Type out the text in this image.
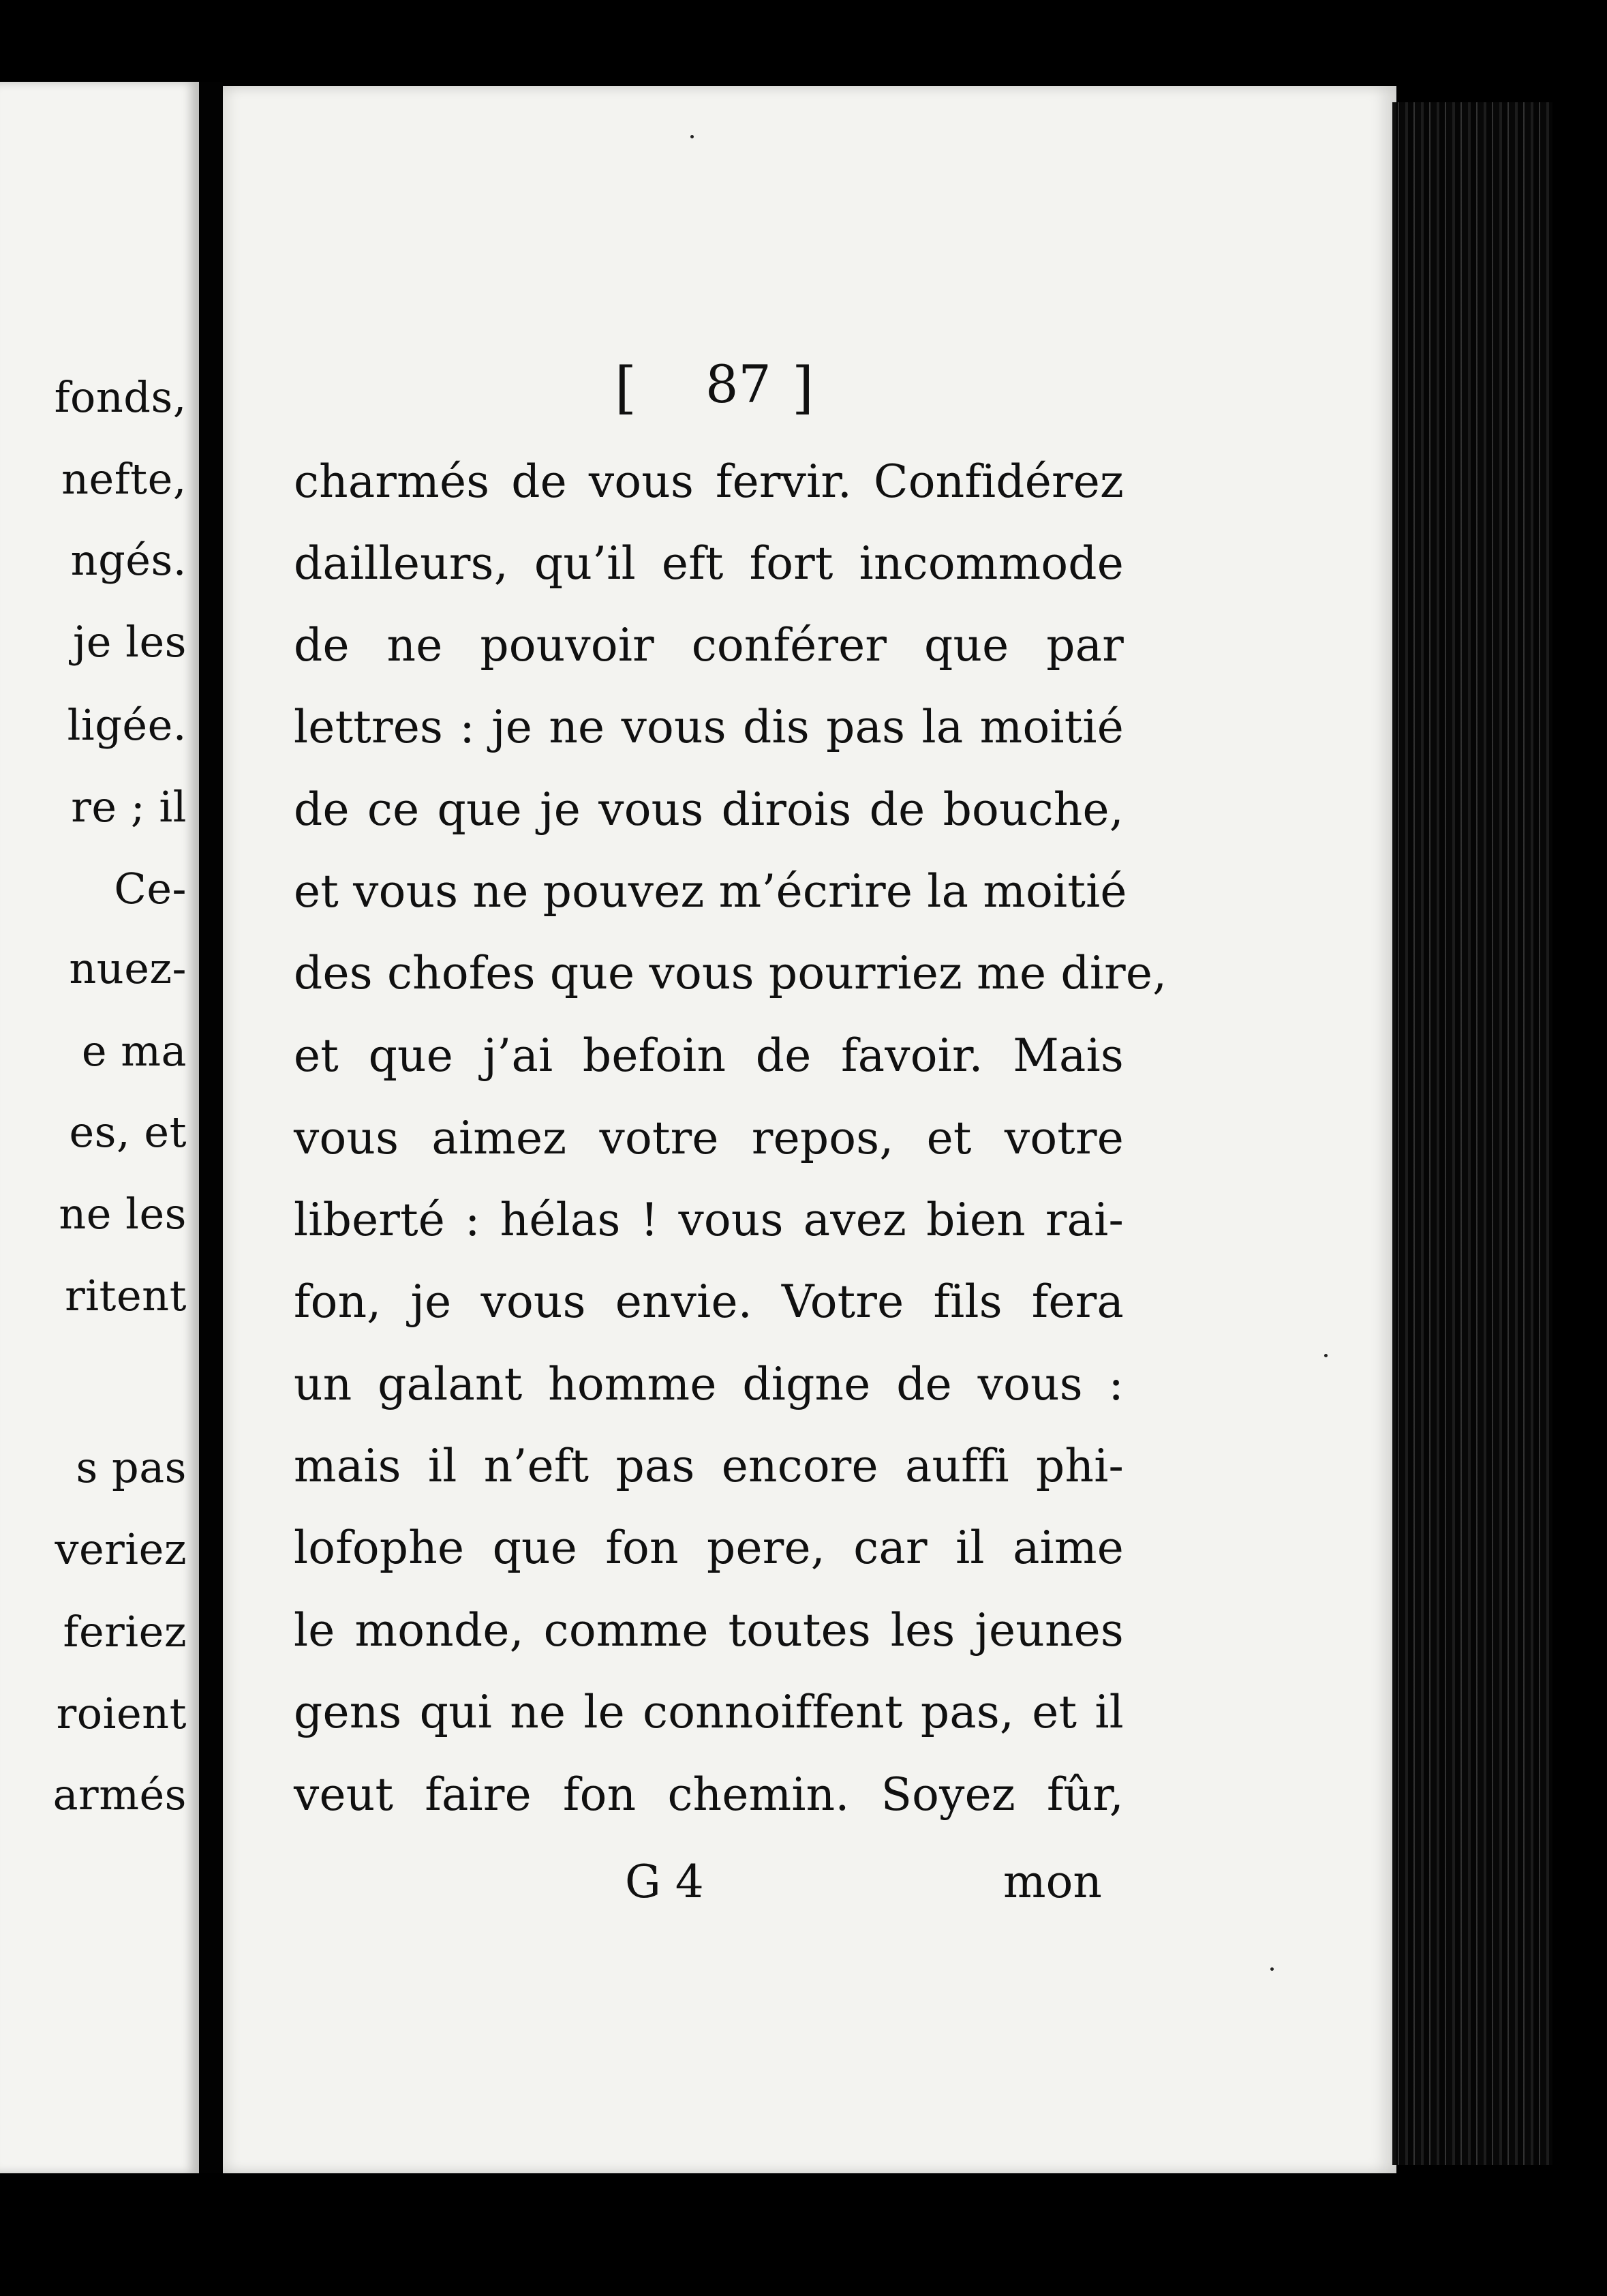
fonds,
nefte,
ngés.
je les
ligée.
re ; il
Ce-
nuez-
e ma
es, et
ne les
ritent
s pas
veriez
feriez
roient
armés
[ 87 ]
charmés de vous fervir. Confidérez
dailleurs, qu’il eft fort incommode
de ne pouvoir conférer que par
lettres : je ne vous dis pas la moitié
de ce que je vous dirois de bouche,
et vous ne pouvez m’écrire la moitié
des chofes que vous pourriez me dire,
et que j’ai befoin de favoir. Mais
vous aimez votre repos, et votre
liberté : hélas ! vous avez bien rai-
fon, je vous envie. Votre fils fera
un galant homme digne de vous :
mais il n’eft pas encore auffi phi-
lofophe que fon pere, car il aime
le monde, comme toutes les jeunes
gens qui ne le connoiffent pas, et il
veut faire fon chemin. Soyez fûr,
G 4	mon
